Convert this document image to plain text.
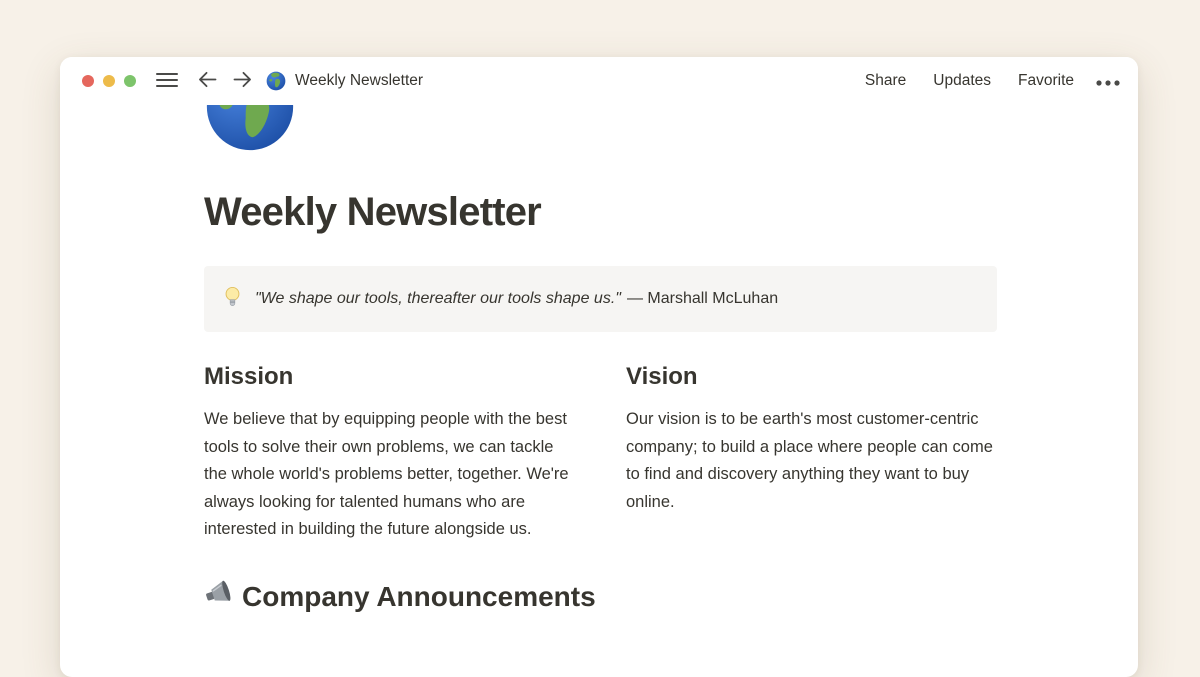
Weekly Newsletter	Share Updates Favorite
Weekly Newsletter
"We shape our tools, thereafter our tools shape us." — Marshall McLuhan
Mission

We believe that by equipping people with the best tools to solve their own problems, we can tackle the whole world's problems better, together. We're always looking for talented humans who are interested in building the future alongside us.

Vision

Our vision is to be earth's most customer-centric company; to build a place where people can come to find and discovery anything they want to buy online.

Company Announcements
